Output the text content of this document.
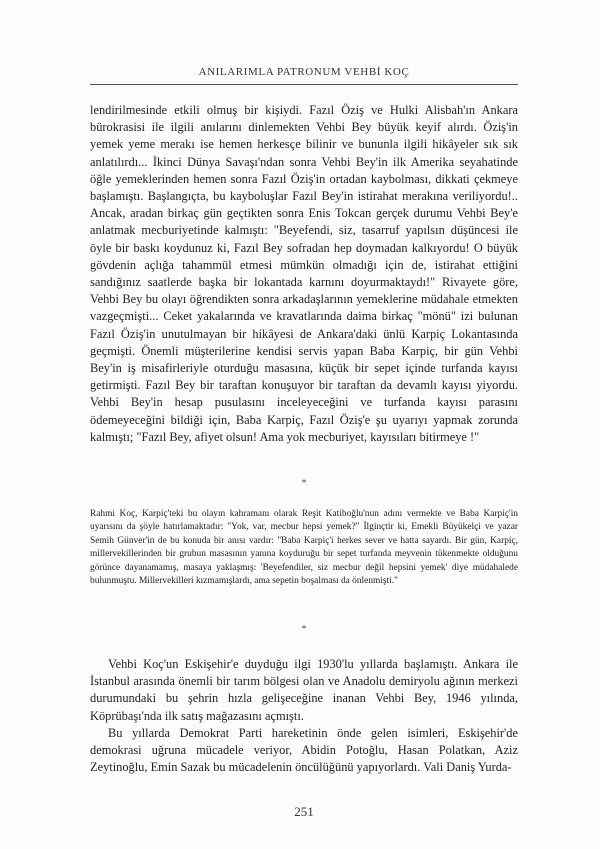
ANILARIMLA PATRONUM VEHBİ KOÇ

lendirilmesinde etkili olmuş bir kişiydi. Fazıl Öziş ve Hulki Alisbah'ın Ankara bürokrasisi ile ilgili anılarını dinlemekten Vehbi Bey büyük keyif alırdı. Öziş'in yemek yeme merakı ise hemen herkesçe bilinir ve bununla ilgili hikâyeler sık sık anlatılırdı... İkinci Dünya Savaşı'ndan sonra Vehbi Bey'in ilk Amerika seyahatinde öğle yemeklerinden hemen sonra Fazıl Öziş'in ortadan kaybolması, dikkati çekmeye başlamıştı. Başlangıçta, bu kayboluşlar Fazıl Bey'in istirahat merakına veriliyordu!.. Ancak, aradan birkaç gün geçtikten sonra Enis Tokcan gerçek durumu Vehbi Bey'e anlatmak mecburiyetinde kalmıştı: "Beyefendi, siz, tasarruf yapılsın düşüncesi ile öyle bir baskı koydunuz ki, Fazıl Bey sofradan hep doymadan kalkıyordu! O büyük gövdenin açlığa tahammül etmesi mümkün olmadığı için de, istirahat ettiğini sandığınız saatlerde başka bir lokantada karnını doyurmaktaydı!" Rivayete göre, Vehbi Bey bu olayı öğrendikten sonra arkadaşlarının yemeklerine müdahale etmekten vazgeçmişti... Ceket yakalarında ve kravatlarında daima birkaç "mönü" izi bulunan Fazıl Öziş'in unutulmayan bir hikâyesi de Ankara'daki ünlü Karpiç Lokantasında geçmişti. Önemli müşterilerine kendisi servis yapan Baba Karpiç, bir gün Vehbi Bey'in iş misafirleriyle oturduğu masasına, küçük bir sepet içinde turfanda kayısı getirmişti. Fazıl Bey bir taraftan konuşuyor bir taraftan da devamlı kayısı yiyordu. Vehbi Bey'in hesap pusulasını inceleyeceğini ve turfanda kayısı parasını ödemeyeceğini bildiği için, Baba Karpiç, Fazıl Öziş'e şu uyarıyı yapmak zorunda kalmıştı; "Fazıl Bey, afiyet olsun! Ama yok mecburiyet, kayısıları bitirmeye !"

*

Rahmi Koç, Karpiç'teki bu olayın kahramanı olarak Reşit Katiboğlu'nun adını vermekte ve Baba Karpiç'in uyarısını da şöyle hatırlamaktadır: "Yok, var, mecbur hepsi yemek?" İlginçtir ki, Emekli Büyükelçi ve yazar Semih Günver'in de bu konuda bir anısı vardır: "Baba Karpiç'i herkes sever ve hatta sayardı. Bir gün, Karpiç, millervekillerinden bir grubun masasının yanına koyduruğu bir sepet turfanda meyvenin tükenmekte olduğunu görünce dayanamamış, masaya yaklaşmış: 'Beyefendiler, siz mecbur değil hepsini yemek' diye müdahalede bulunmuştu. Millervekilleri kızmamışlardı, ama sepetin boşalması da önlenmişti."

*

Vehbi Koç'un Eskişehir'e duyduğu ilgi 1930'lu yıllarda başlamıştı. Ankara ile İstanbul arasında önemli bir tarım bölgesi olan ve Anadolu demiryolu ağının merkezi durumundaki bu şehrin hızla gelişeceğine inanan Vehbi Bey, 1946 yılında, Köprübaşı'nda ilk satış mağazasını açmıştı.

Bu yıllarda Demokrat Parti hareketinin önde gelen isimleri, Eskişehir'de demokrasi uğruna mücadele veriyor, Abidin Potoğlu, Hasan Polatkan, Aziz Zeytinoğlu, Emin Sazak bu mücadelenin öncülüğünü yapıyorlardı. Vali Daniş Yurda-

251
